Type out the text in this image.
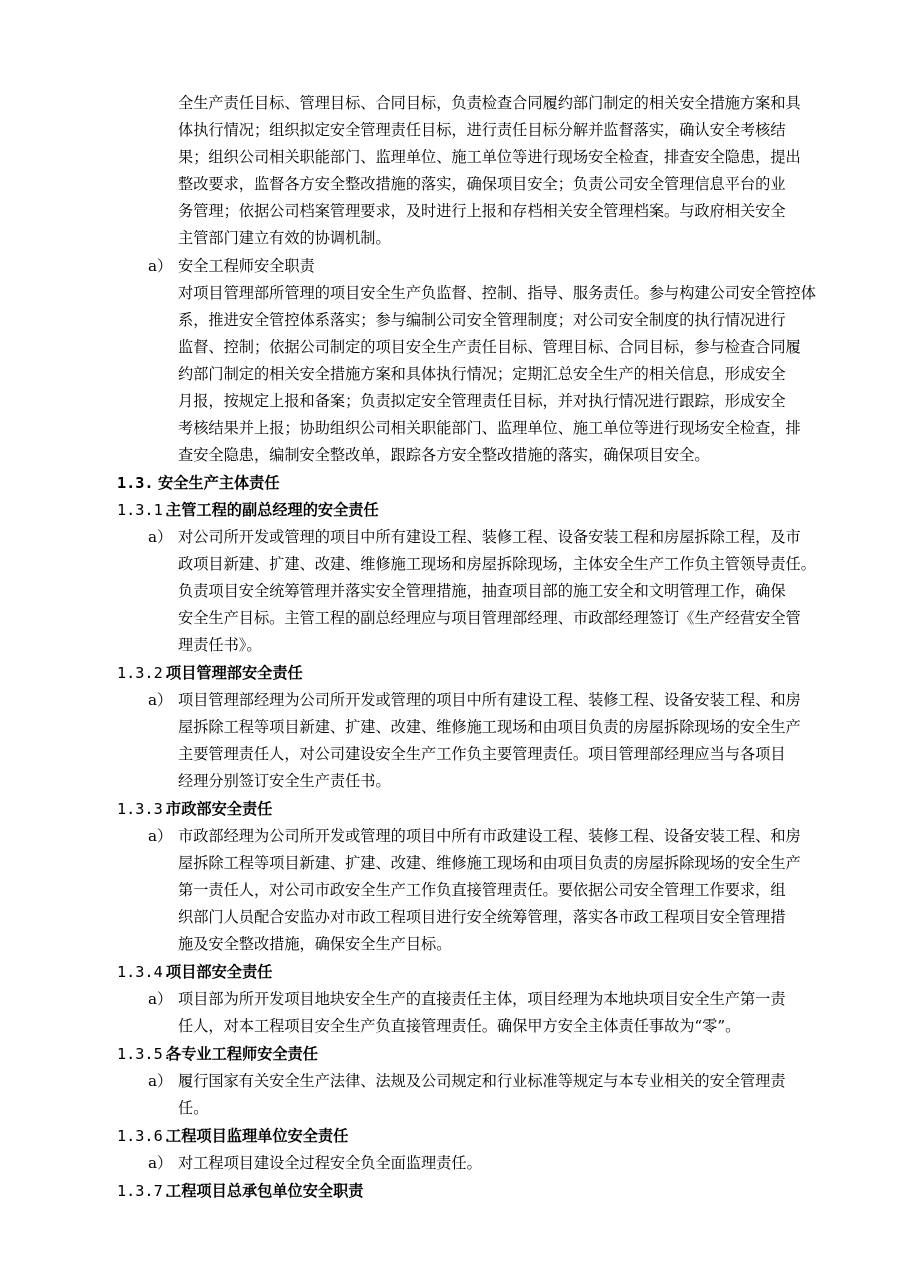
全生产责任目标、管理目标、合同目标，负责检查合同履约部门制定的相关安全措施方案和具
体执行情况；组织拟定安全管理责任目标，进行责任目标分解并监督落实，确认安全考核结
果；组织公司相关职能部门、监理单位、施工单位等进行现场安全检查，排查安全隐患，提出
整改要求，监督各方安全整改措施的落实，确保项目安全；负责公司安全管理信息平台的业
务管理；依据公司档案管理要求，及时进行上报和存档相关安全管理档案。与政府相关安全
主管部门建立有效的协调机制。
a） 安全工程师安全职责
对项目管理部所管理的项目安全生产负监督、控制、指导、服务责任。参与构建公司安全管控体
系，推进安全管控体系落实；参与编制公司安全管理制度；对公司安全制度的执行情况进行
监督、控制；依据公司制定的项目安全生产责任目标、管理目标、合同目标，参与检查合同履
约部门制定的相关安全措施方案和具体执行情况；定期汇总安全生产的相关信息，形成安全
月报，按规定上报和备案；负责拟定安全管理责任目标，并对执行情况进行跟踪，形成安全
考核结果并上报；协助组织公司相关职能部门、监理单位、施工单位等进行现场安全检查，排
查安全隐患，编制安全整改单，跟踪各方安全整改措施的落实，确保项目安全。
1.3. 安全生产主体责任
1.3.1.
主管工程的副总经理的安全责任
a） 对公司所开发或管理的项目中所有建设工程、装修工程、设备安装工程和房屋拆除工程，及市
政项目新建、扩建、改建、维修施工现场和房屋拆除现场，主体安全生产工作负主管领导责任。
负责项目安全统筹管理并落实安全管理措施，抽查项目部的施工安全和文明管理工作，确保
安全生产目标。主管工程的副总经理应与项目管理部经理、市政部经理签订《生产经营安全管
理责任书》。
1.3.2.
项目管理部安全责任
a） 项目管理部经理为公司所开发或管理的项目中所有建设工程、装修工程、设备安装工程、和房
屋拆除工程等项目新建、扩建、改建、维修施工现场和由项目负责的房屋拆除现场的安全生产
主要管理责任人，对公司建设安全生产工作负主要管理责任。项目管理部经理应当与各项目
经理分别签订安全生产责任书。
1.3.3.
市政部安全责任
a） 市政部经理为公司所开发或管理的项目中所有市政建设工程、装修工程、设备安装工程、和房
屋拆除工程等项目新建、扩建、改建、维修施工现场和由项目负责的房屋拆除现场的安全生产
第一责任人，对公司市政安全生产工作负直接管理责任。要依据公司安全管理工作要求，组
织部门人员配合安监办对市政工程项目进行安全统筹管理，落实各市政工程项目安全管理措
施及安全整改措施，确保安全生产目标。
1.3.4.
项目部安全责任
a） 项目部为所开发项目地块安全生产的直接责任主体，项目经理为本地块项目安全生产第一责
任人，对本工程项目安全生产负直接管理责任。确保甲方安全主体责任事故为“零”。
1.3.5.
各专业工程师安全责任
a） 履行国家有关安全生产法律、法规及公司规定和行业标准等规定与本专业相关的安全管理责
任。
1.3.6.
工程项目监理单位安全责任
a） 对工程项目建设全过程安全负全面监理责任。
1.3.7.
工程项目总承包单位安全职责
